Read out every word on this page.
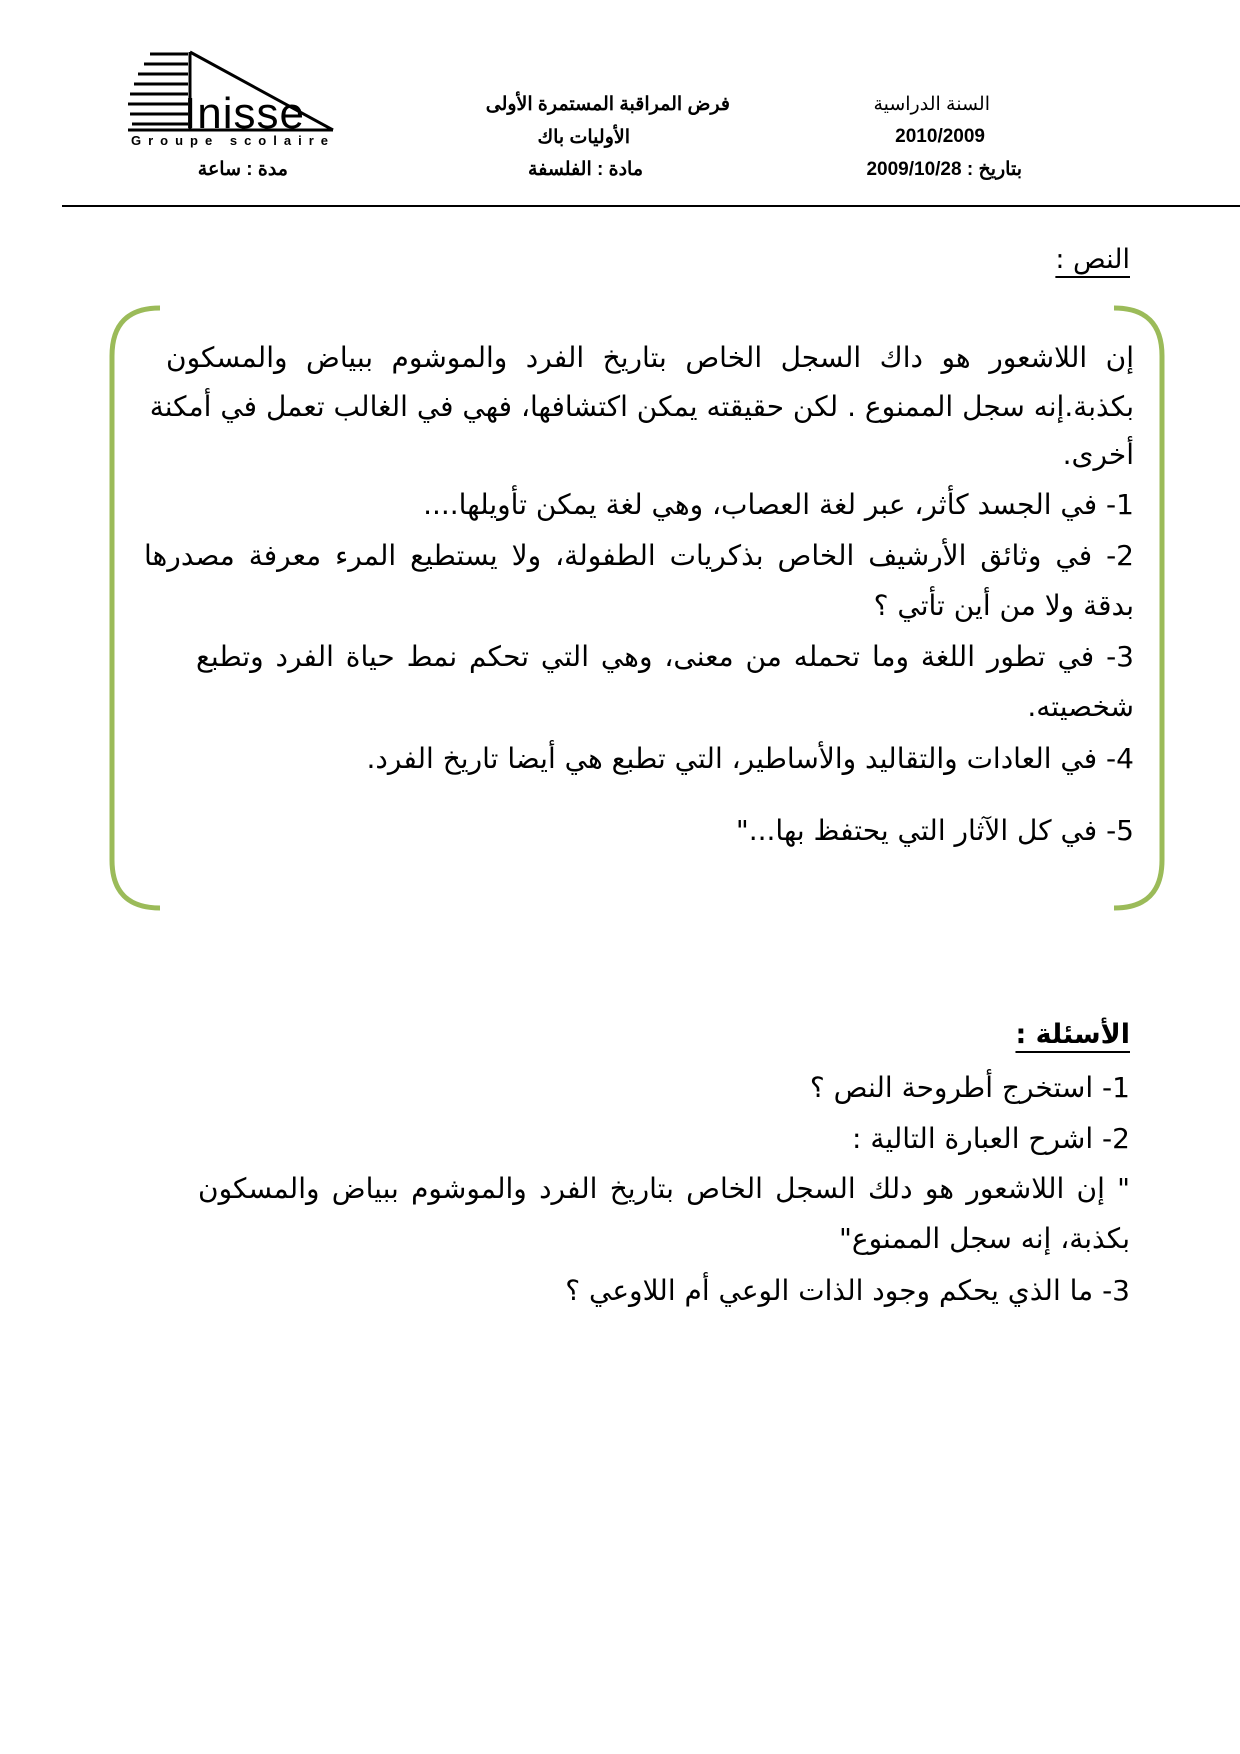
Inisse
Groupe scolaire
السنة الدراسية
2010/2009
بتاريخ : 2009/10/28
فرض المراقبة المستمرة الأولى
الأوليات باك
مادة : الفلسفة
مدة : ساعة
النص :
إن اللاشعور هو داك السجل الخاص بتاريخ الفرد والموشوم ببياض والمسكون
بكذبة.إنه سجل الممنوع . لكن حقيقته يمكن اكتشافها، فهي في الغالب تعمل في أمكنة
أخرى.
1- في الجسد كأثر، عبر لغة العصاب، وهي لغة يمكن تأويلها....
2- في وثائق الأرشيف الخاص بذكريات الطفولة، ولا يستطيع المرء معرفة مصدرها
بدقة ولا من أين تأتي ؟
3- في تطور اللغة وما تحمله من معنى، وهي التي تحكم نمط حياة الفرد وتطبع
شخصيته.
4- في العادات والتقاليد والأساطير، التي تطبع هي أيضا تاريخ الفرد.
5- في كل الآثار التي يحتفظ بها..."
الأسئلة :
1- استخرج أطروحة النص ؟
2- اشرح العبارة التالية :
" إن اللاشعور هو دلك السجل الخاص بتاريخ الفرد والموشوم ببياض والمسكون
بكذبة، إنه سجل الممنوع"
3- ما الذي يحكم وجود الذات الوعي أم اللاوعي ؟
